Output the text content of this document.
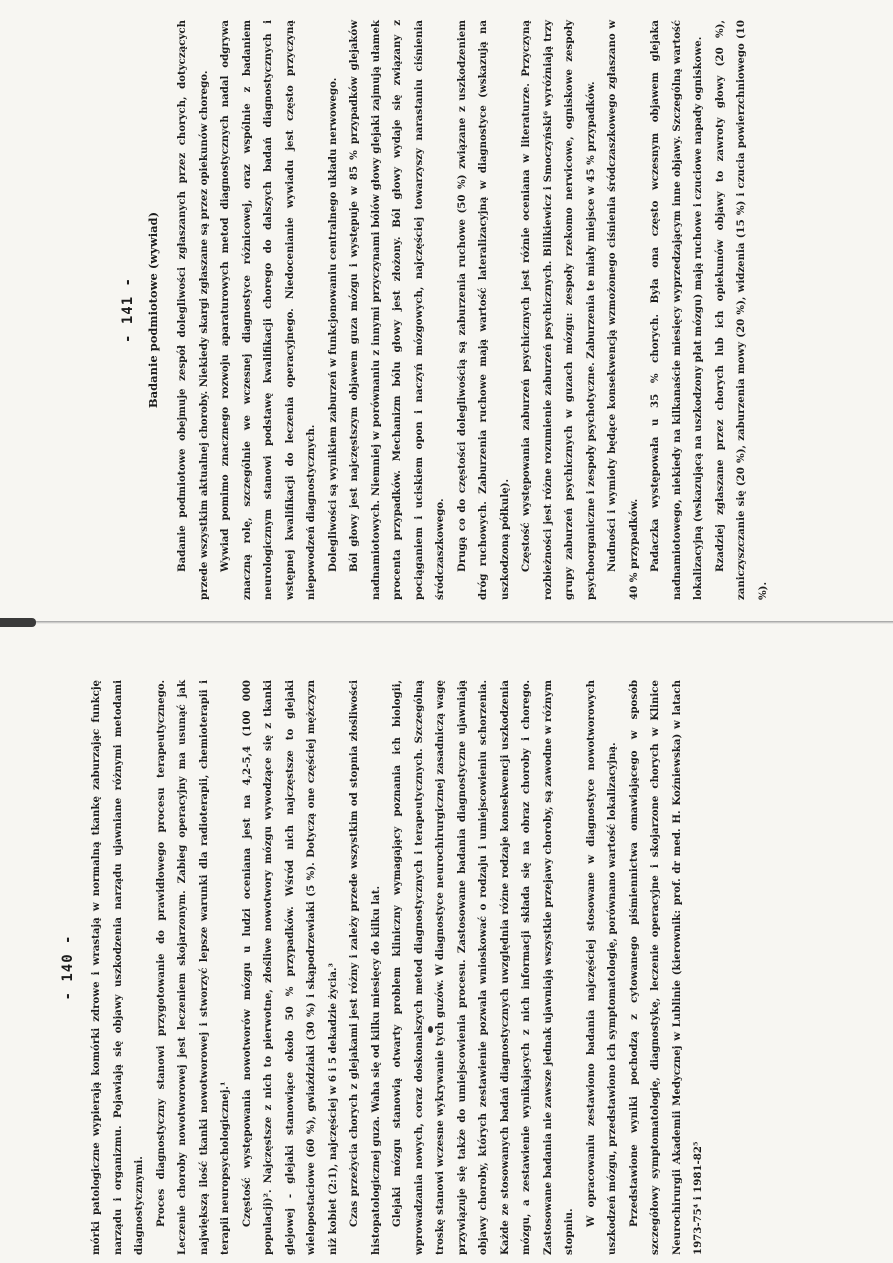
- 141 - Badanie podmiotowe (wywiad)	Badanie podmiotowe obejmuje zespół dolegliwości zgłaszanych przez chorych, dotyczących przede wszystkim aktualnej choroby. Niekiedy skargi zgłaszane są przez opiekunów chorego. Wywiad pomimo znacznego rozwoju aparaturowych metod diagnostycznych nadal odgrywa znaczną rolę, szczególnie we wczesnej diagnostyce różnicowej, oraz wspólnie z badaniem neurologicznym stanowi podstawę kwalifikacji chorego do dalszych badań diagnostycznych i wstępnej kwalifikacji do leczenia operacyjnego. Niedocenianie wywiadu jest często przyczyną niepowodzeń diagnostycznych. Dolegliwości są wynikiem zaburzeń w funkcjonowaniu centralnego układu nerwowego. Ból głowy jest najczęstszym objawem guza mózgu i występuje w 85 % przypadków glejaków nadnamiotowych. Niemniej w porównaniu z innymi przyczynami bólów głowy glejaki zajmują ułamek procenta przypadków. Mechanizm bólu głowy jest złożony. Ból głowy wydaje się związany z pociąganiem i uciskiem opon i naczyń mózgowych, najczęściej towarzyszy narastaniu ciśnienia śródczaszkowego. Drugą co do częstości dolegliwością są zaburzenia ruchowe (50 %) związane z uszkodzeniem dróg ruchowych. Zaburzenia ruchowe mają wartość lateralizacyjną w diagnostyce (wskazują na uszkodzoną półkulę). Częstość występowania zaburzeń psychicznych jest różnie oceniana w literaturze. Przyczyną rozbieżności jest różne rozumienie zaburzeń psychicznych. Bilikiewicz i Smoczyński⁶ wyróżniają trzy grupy zaburzeń psychicznych w guzach mózgu: zespoły rzekomo nerwicowe, ogniskowe zespoły psychoorganiczne i zespoły psychotyczne. Zaburzenia te miały miejsce w 45 % przypadków. Nudności i wymioty będące konsekwencją wzmożonego ciśnienia śródczaszkowego zgłaszano w 40 % przypadków. Padaczka występowała u 35 % chorych. Była ona często wczesnym objawem glejaka nadnamiotowego, niekiedy na kilkanaście miesięcy wyprzedzającym inne objawy. Szczególną wartość lokalizacyjną (wskazującą na uszkodzony płat mózgu) mają ruchowe i czuciowe napady ogniskowe. Rzadziej zgłaszane przez chorych lub ich opiekunów objawy to zawroty głowy (20 %), zaniczyszczanie się (20 %), zaburzenia mowy (20 %), widzenia (15 %) i czucia powierzchniowego (10 %).

- 140 -	mórki patologiczne wypierają komórki zdrowe i wrastają w normalną tkankę zaburzając funkcję narządu i organizmu. Pojawiają się objawy uszkodzenia narządu ujawniane różnymi metodami diagnostycznymi. Proces diagnostyczny stanowi przygotowanie do prawidłowego procesu terapeutycznego. Leczenie choroby nowotworowej jest leczeniem skojarzonym. Zabieg operacyjny ma usunąć jak największą ilość tkanki nowotworowej i stworzyć lepsze warunki dla radioterapii, chemioterapii i terapii neuropsychologicznej.¹ Częstość występowania nowotworów mózgu u ludzi oceniana jest na 4,2-5,4 (100 000 populacji)². Najczęstsze z nich to pierwotne, złośliwe nowotwory mózgu wywodzące się z tkanki glejowej - glejaki stanowiące około 50 % przypadków. Wśród nich najczęstsze to glejaki wielopostaciowe (60 %), gwiaździaki (30 %) i skąpodrzewiaki (5 %). Dotyczą one częściej mężczyzn niż kobiet (2:1), najczęściej w 6 i 5 dekadzie życia.³ Czas przeżycia chorych z glejakami jest różny i zależy przede wszystkim od stopnia złośliwości histopatologicznej guza. Waha się od kilku miesięcy do kilku lat. Glejaki mózgu stanowią otwarty problem kliniczny wymagający poznania ich biologii, wprowadzania nowych, coraz doskonalszych metod diagnostycznych i terapeutycznych. Szczególną troskę stanowi wczesne wykrywanie tych guzów. W diagnostyce neurochirurgicznej zasadniczą wagę przywiązuje się także do umiejscowienia procesu. Zastosowane badania diagnostyczne ujawniają objawy choroby, których zestawienie pozwala wnioskować o rodzaju i umiejscowieniu schorzenia. Każde ze stosowanych badań diagnostycznych uwzględnia różne rodzaje konsekwencji uszkodzenia mózgu, a zestawienie wynikających z nich informacji składa się na obraz choroby i chorego. Zastosowane badania nie zawsze jednak ujawniają wszystkie przejawy choroby, są zawodne w różnym stopniu.

W opracowaniu zestawiono badania najczęściej stosowane w diagnostyce nowotworowych uszkodzeń mózgu, przedstawiono ich symptomatologię, porównano wartość lokalizacyjną. Przedstawione wyniki pochodzą z cytowanego piśmiennictwa omawiającego w sposób szczegółowy symptomatologię, diagnostykę, leczenie operacyjne i skojarzone chorych w Klinice Neurochirurgii Akademii Medycznej w Lublinie (kierownik: prof. dr med. H. Koźniewska) w latach 1973-75⁴ i 1981-82⁵
